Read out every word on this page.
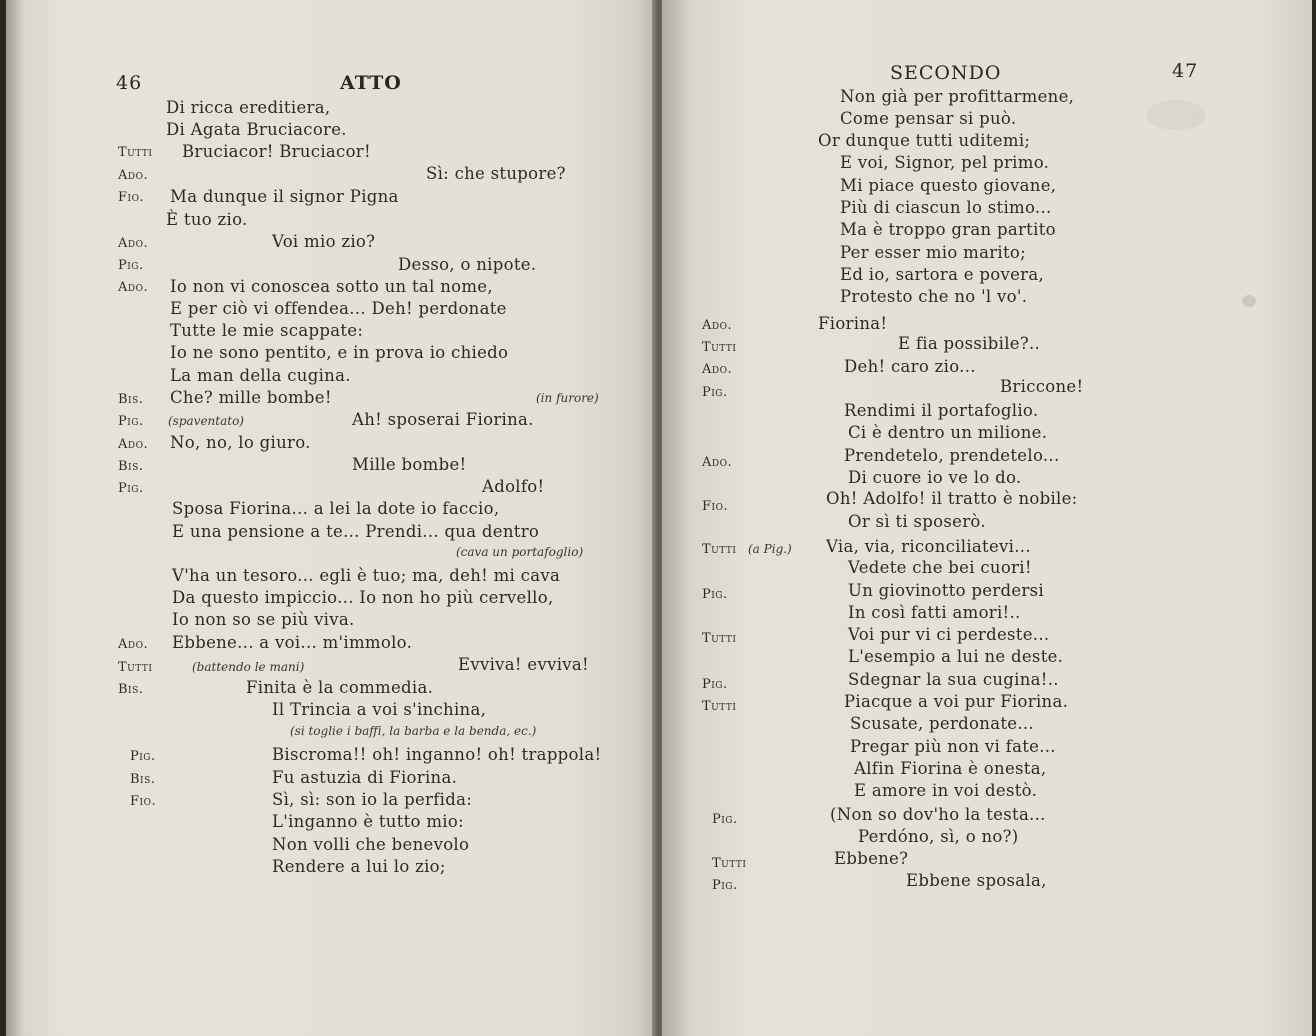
46	ATTO
Di ricca ereditiera,
Di Agata Bruciacore.
Tutti Bruciacor! Bruciacor!
Ado.	Sì: che stupore?
Fio. Ma dunque il signor Pigna
È tuo zio.
Ado.	Voi mio zio?
Pig.	Desso, o nipote.
Ado. Io non vi conoscea sotto un tal nome,
E per ciò vi offendea... Deh! perdonate
Tutte le mie scappate:
Io ne sono pentito, e in prova io chiedo
La man della cugina.
Bis. Che? mille bombe!	(in furore)
Pig. (spaventato)	Ah! sposerai Fiorina.
Ado. No, no, lo giuro.
Bis.	Mille bombe!
Pig.	Adolfo!
Sposa Fiorina... a lei la dote io faccio,
E una pensione a te... Prendi... qua dentro
(cava un portafoglio)
V'ha un tesoro... egli è tuo; ma, deh! mi cava
Da questo impiccio... Io non ho più cervello,
Io non so se più viva.
Ado. Ebbene... a voi... m'immolo.
Tutti	(battendo le mani)	Evviva! evviva!
Bis.	Finita è la commedia.
Il Trincia a voi s'inchina,
(si toglie i baffi, la barba e la benda, ec.)
Pig.	Biscroma!! oh! inganno! oh! trappola!
Bis.	Fu astuzia di Fiorina.
Fio.	Sì, sì: son io la perfida:
L'inganno è tutto mio:
Non volli che benevolo
Rendere a lui lo zio;
SECONDO	47
Non già per profittarmene,
Come pensar si può.
Or dunque tutti uditemi;
E voi, Signor, pel primo.
Mi piace questo giovane,
Più di ciascun lo stimo...
Ma è troppo gran partito
Per esser mio marito;
Ed io, sartora e povera,
Protesto che no 'l vo'.
Ado.	Fiorina!
Tutti	E fia possibile?..
Ado.	Deh! caro zio...
Pig.	Briccone!
Rendimi il portafoglio.
Ci è dentro un milione.
Ado.	Prendetelo, prendetelo...
Di cuore io ve lo do.
Fio.	Oh! Adolfo! il tratto è nobile:
Or sì ti sposerò.
Tutti (a Pig.) Via, via, riconciliatevi...
Vedete che bei cuori!
Pig.	Un giovinotto perdersi
In così fatti amori!..
Tutti	Voi pur vi ci perdeste...
L'esempio a lui ne deste.
Pig.	Sdegnar la sua cugina!..
Tutti	Piacque a voi pur Fiorina.
Scusate, perdonate...
Pregar più non vi fate...
Alfin Fiorina è onesta,
E amore in voi destò.
Pig.	(Non so dov'ho la testa...
Perdóno, sì, o no?)
Tutti	Ebbene?
Pig.	Ebbene sposala,
